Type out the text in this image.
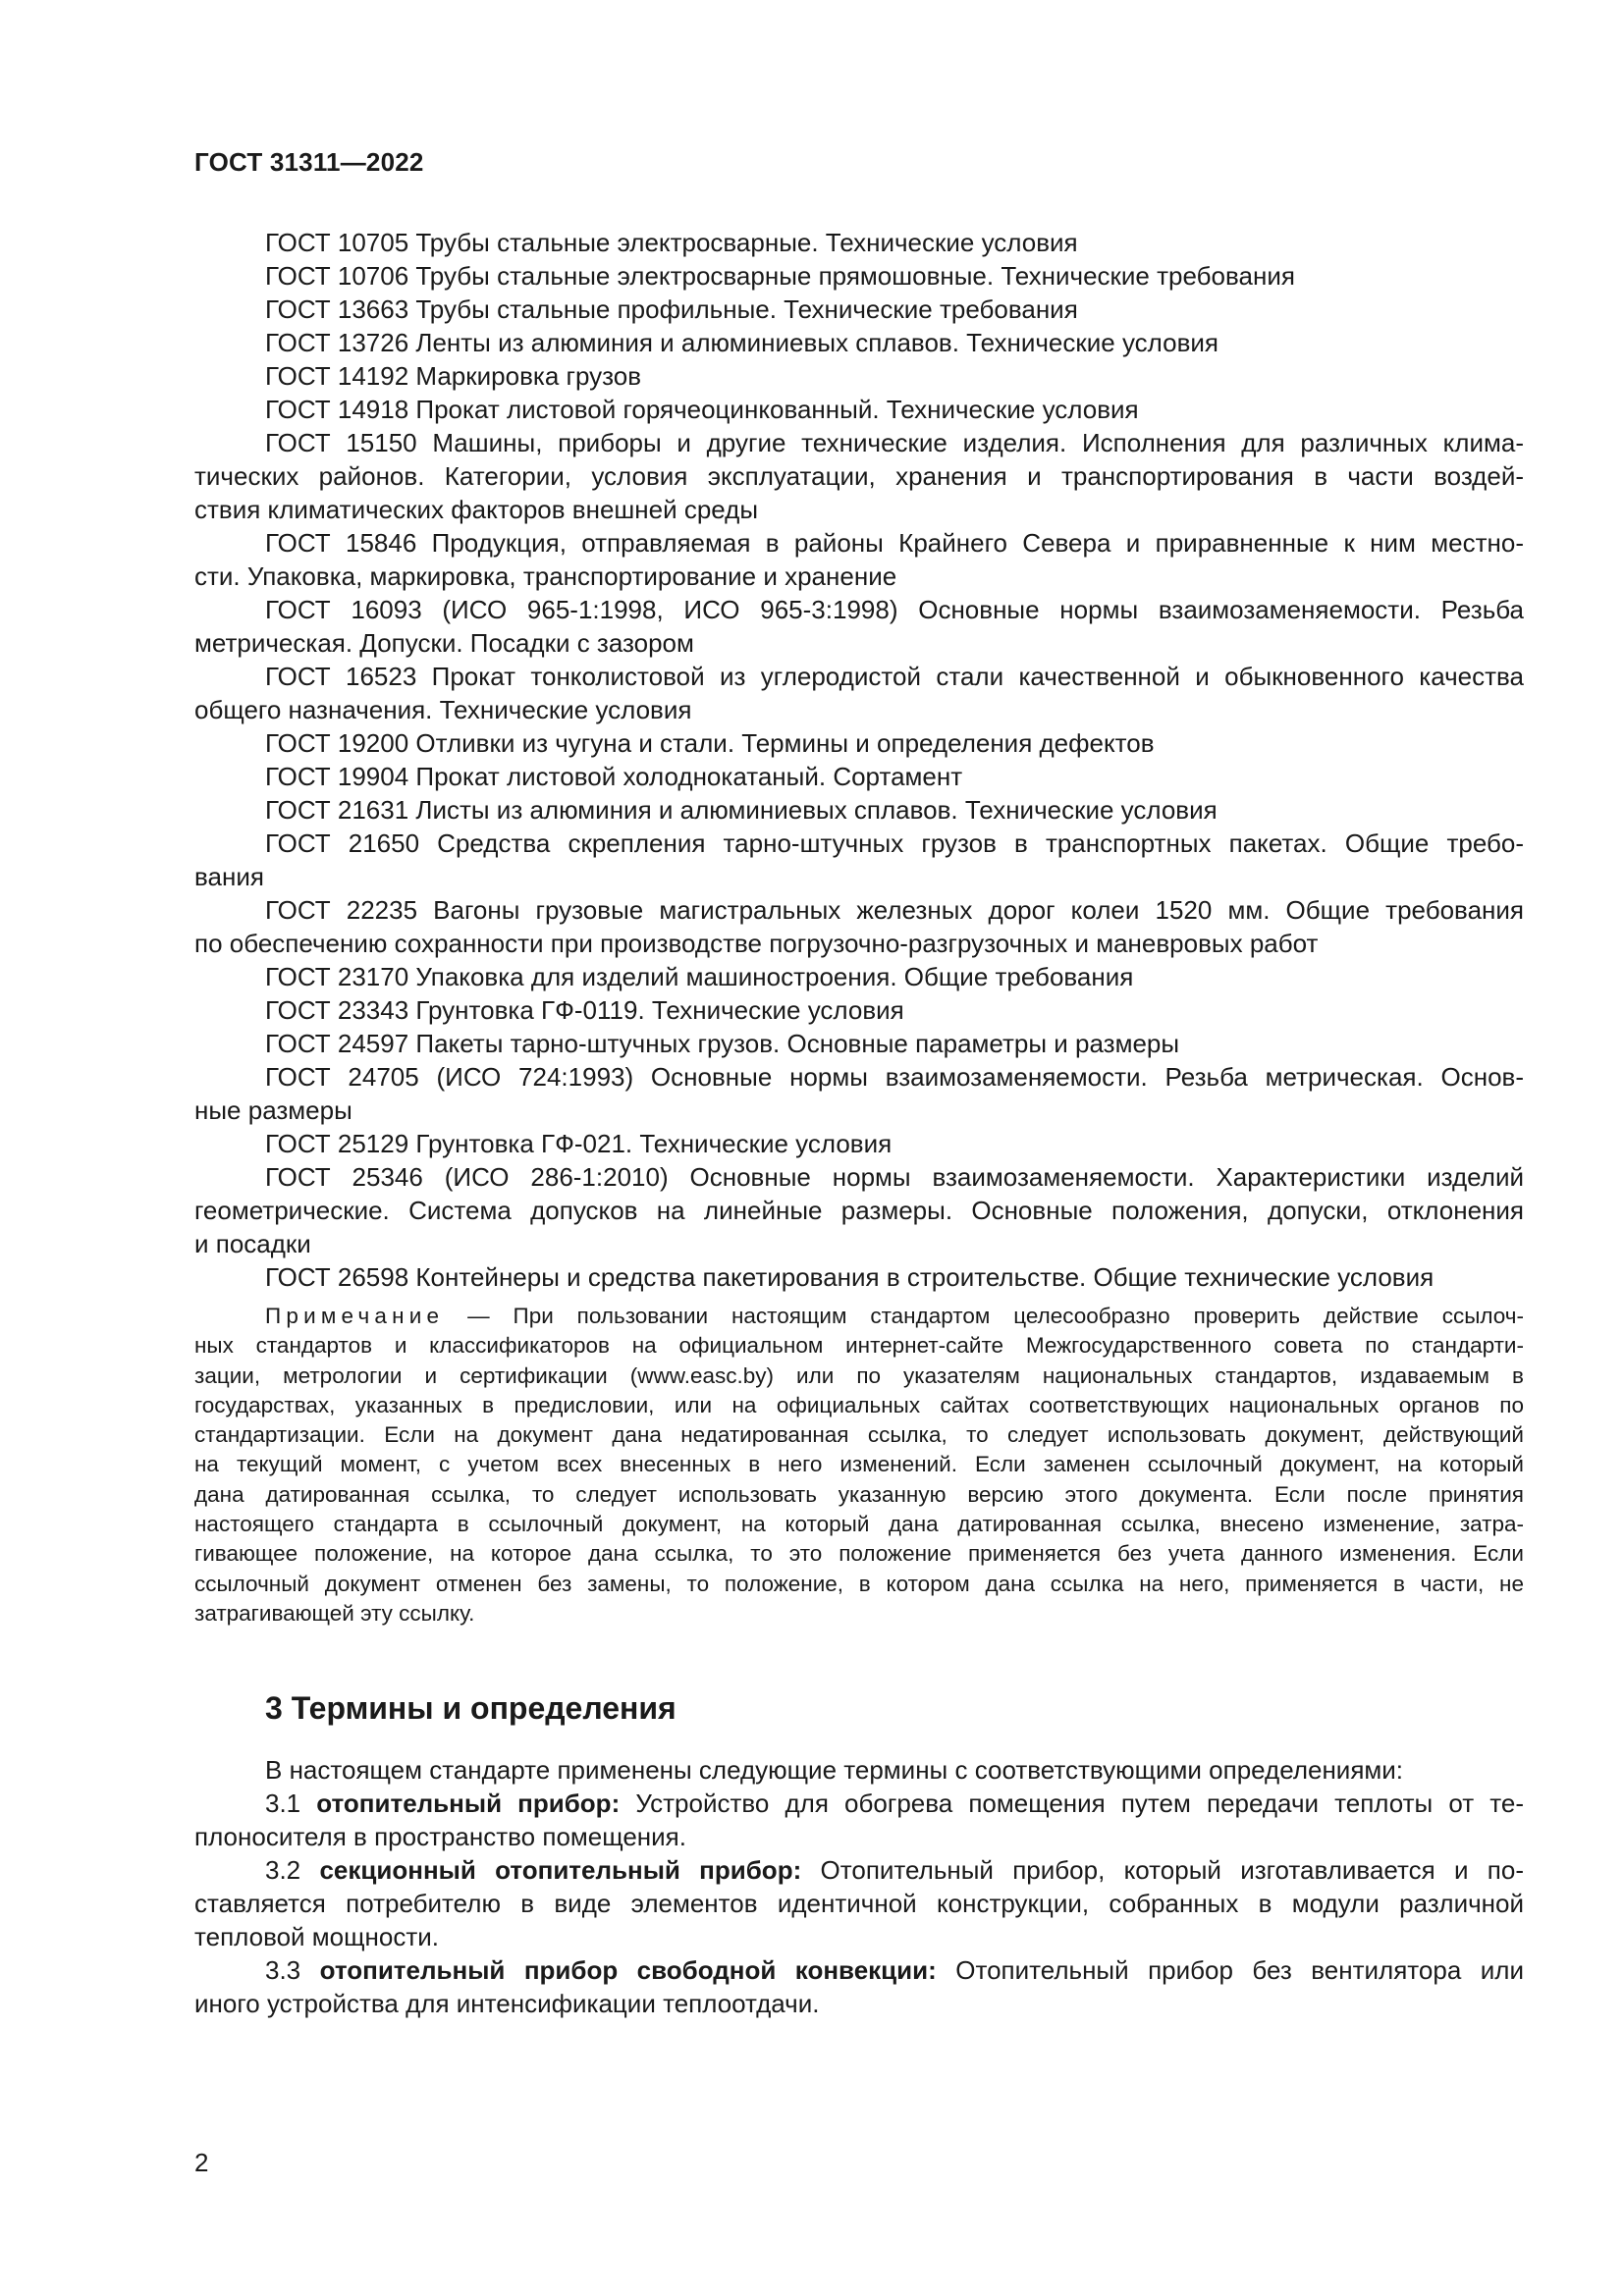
ГОСТ 31311—2022

ГОСТ 10705 Трубы стальные электросварные. Технические условия

ГОСТ 10706 Трубы стальные электросварные прямошовные. Технические требования

ГОСТ 13663 Трубы стальные профильные. Технические требования

ГОСТ 13726 Ленты из алюминия и алюминиевых сплавов. Технические условия

ГОСТ 14192 Маркировка грузов

ГОСТ 14918 Прокат листовой горячеоцинкованный. Технические условия

ГОСТ 15150 Машины, приборы и другие технические изделия. Исполнения для различных клима-
тических районов. Категории, условия эксплуатации, хранения и транспортирования в части воздей-
ствия климатических факторов внешней среды

ГОСТ 15846 Продукция, отправляемая в районы Крайнего Севера и приравненные к ним местно-
сти. Упаковка, маркировка, транспортирование и хранение

ГОСТ 16093 (ИСО 965-1:1998, ИСО 965-3:1998) Основные нормы взаимозаменяемости. Резьба
метрическая. Допуски. Посадки с зазором

ГОСТ 16523 Прокат тонколистовой из углеродистой стали качественной и обыкновенного качества
общего назначения. Технические условия

ГОСТ 19200 Отливки из чугуна и стали. Термины и определения дефектов

ГОСТ 19904 Прокат листовой холоднокатаный. Сортамент

ГОСТ 21631 Листы из алюминия и алюминиевых сплавов. Технические условия

ГОСТ 21650 Средства скрепления тарно-штучных грузов в транспортных пакетах. Общие требо-
вания

ГОСТ 22235 Вагоны грузовые магистральных железных дорог колеи 1520 мм. Общие требования
по обеспечению сохранности при производстве погрузочно-разгрузочных и маневровых работ

ГОСТ 23170 Упаковка для изделий машиностроения. Общие требования

ГОСТ 23343 Грунтовка ГФ-0119. Технические условия

ГОСТ 24597 Пакеты тарно-штучных грузов. Основные параметры и размеры

ГОСТ 24705 (ИСО 724:1993) Основные нормы взаимозаменяемости. Резьба метрическая. Основ-
ные размеры

ГОСТ 25129 Грунтовка ГФ-021. Технические условия

ГОСТ 25346 (ИСО 286-1:2010) Основные нормы взаимозаменяемости. Характеристики изделий
геометрические. Система допусков на линейные размеры. Основные положения, допуски, отклонения
и посадки

ГОСТ 26598 Контейнеры и средства пакетирования в строительстве. Общие технические условия

Примечание — При пользовании настоящим стандартом целесообразно проверить действие ссылоч-
ных стандартов и классификаторов на официальном интернет-сайте Межгосударственного совета по стандарти-
зации, метрологии и сертификации (www.easc.by) или по указателям национальных стандартов, издаваемым в
государствах, указанных в предисловии, или на официальных сайтах соответствующих национальных органов по
стандартизации. Если на документ дана недатированная ссылка, то следует использовать документ, действующий
на текущий момент, с учетом всех внесенных в него изменений. Если заменен ссылочный документ, на который
дана датированная ссылка, то следует использовать указанную версию этого документа. Если после принятия
настоящего стандарта в ссылочный документ, на который дана датированная ссылка, внесено изменение, затра-
гивающее положение, на которое дана ссылка, то это положение применяется без учета данного изменения. Если
ссылочный документ отменен без замены, то положение, в котором дана ссылка на него, применяется в части, не
затрагивающей эту ссылку.
3 Термины и определения

В настоящем стандарте применены следующие термины с соответствующими определениями:

3.1 отопительный прибор: Устройство для обогрева помещения путем передачи теплоты от те-
плоносителя в пространство помещения.

3.2 секционный отопительный прибор: Отопительный прибор, который изготавливается и по-
ставляется потребителю в виде элементов идентичной конструкции, собранных в модули различной
тепловой мощности.

3.3 отопительный прибор свободной конвекции: Отопительный прибор без вентилятора или
иного устройства для интенсификации теплоотдачи.

2
